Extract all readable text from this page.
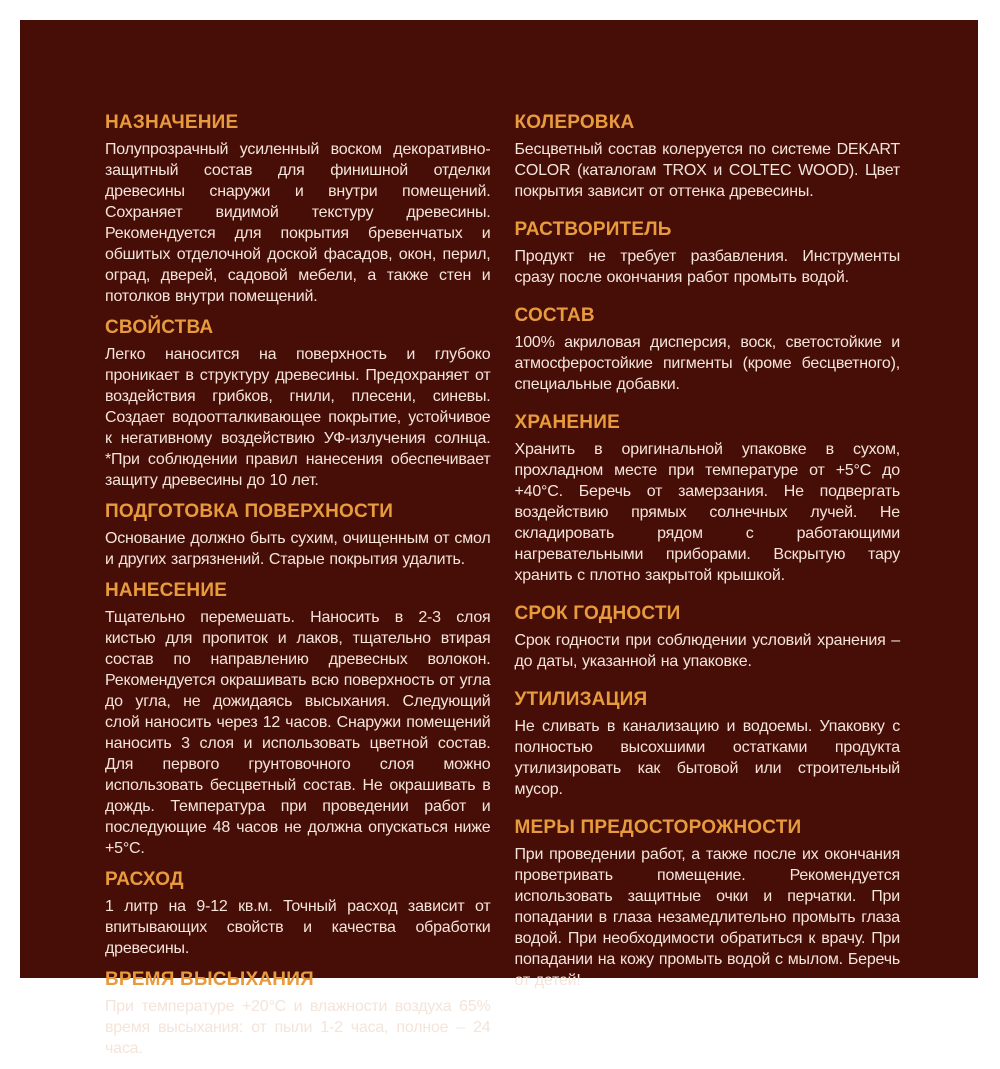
НАЗНАЧЕНИЕ

Полупрозрачный усиленный воском декоративно-защитный состав для финишной отделки древесины снаружи и внутри помещений. Сохраняет видимой текстуру древесины. Рекомендуется для покрытия бревенчатых и обшитых отделочной доской фасадов, окон, перил, оград, дверей, садовой мебели, а также стен и потолков внутри помещений.

СВОЙСТВА

Легко наносится на поверхность и глубоко проникает в структуру древесины. Предохраняет от воздействия грибков, гнили, плесени, синевы. Создает водоотталкивающее покрытие, устойчивое к негативному воздействию УФ-излучения солнца. *При соблюдении правил нанесения обеспечивает защиту древесины до 10 лет.

ПОДГОТОВКА ПОВЕРХНОСТИ

Основание должно быть сухим, очищенным от смол и других загрязнений. Старые покрытия удалить.

НАНЕСЕНИЕ

Тщательно перемешать. Наносить в 2-3 слоя кистью для пропиток и лаков, тщательно втирая состав по направлению древесных волокон. Рекомендуется окрашивать всю поверхность от угла до угла, не дожидаясь высыхания. Следующий слой наносить через 12 часов. Снаружи помещений наносить 3 слоя и использовать цветной состав. Для первого грунтовочного слоя можно использовать бесцветный состав. Не окрашивать в дождь. Температура при проведении работ и последующие 48 часов не должна опускаться ниже +5°С.

РАСХОД

1 литр на 9-12 кв.м. Точный расход зависит от впитывающих свойств и качества обработки древесины.

ВРЕМЯ ВЫСЫХАНИЯ

При температуре +20°С и влажности воздуха 65% время высыхания: от пыли 1-2 часа, полное – 24 часа.

КОЛЕРОВКА

Бесцветный состав колеруется по системе DEKART COLOR (каталогам TROX и COLTEC WOOD). Цвет покрытия зависит от оттенка древесины.

РАСТВОРИТЕЛЬ

Продукт не требует разбавления. Инструменты сразу после окончания работ промыть водой.

СОСТАВ

100% акриловая дисперсия, воск, светостойкие и атмосферостойкие пигменты (кроме бесцветного), специальные добавки.

ХРАНЕНИЕ

Хранить в оригинальной упаковке в сухом, прохладном месте при температуре от +5°С до +40°С. Беречь от замерзания. Не подвергать воздействию прямых солнечных лучей. Не складировать рядом с работающими нагревательными приборами. Вскрытую тару хранить с плотно закрытой крышкой.

СРОК ГОДНОСТИ

Срок годности при соблюдении условий хранения – до даты, указанной на упаковке.

УТИЛИЗАЦИЯ

Не сливать в канализацию и водоемы. Упаковку с полностью высохшими остатками продукта утилизировать как бытовой или строительный мусор.

МЕРЫ ПРЕДОСТОРОЖНОСТИ

При проведении работ, а также после их окончания проветривать помещение. Рекомендуется использовать защитные очки и перчатки. При попадании в глаза незамедлительно промыть глаза водой. При необходимости обратиться к врачу. При попадании на кожу промыть водой с мылом. Беречь от детей!
